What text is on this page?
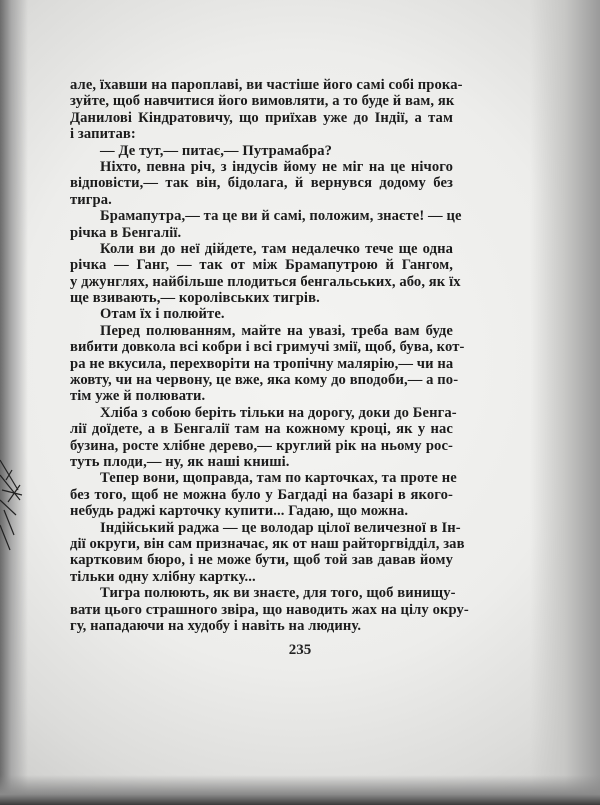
але, їхавши на пароплаві, ви частіше його самі собі прока-
зуйте, щоб навчитися його вимовляти, а то буде й вам, як
Даниловi Кіндратовичу, що приїхав уже до Індії, а там
і запитав:
— Де тут,— питає,— Путрамабра?
Ніхто, певна річ, з індусів йому не міг на це нічого
відповісти,— так він, бідолага, й вернувся додому без
тигра.
Брамапутра,— та це ви й самі, положим, знаєте! — це
річка в Бенгалії.
Коли ви до неї дійдете, там недалечко тече ще одна
річка — Ганг, — так от між Брамапутрою й Гангом,
у джунглях, найбільше плодиться бенгальських, або, як їх
ще взивають,— королівських тигрів.
Отам їх і полюйте.
Перед полюванням, майте на увазі, треба вам буде
вибити довкола всі кобри і всі гримучі змії, щоб, бува, кот-
ра не вкусила, перехворіти на тропічну малярію,— чи на
жовту, чи на червону, це вже, яка кому до вподоби,— а по-
тім уже й полювати.
Хліба з собою беріть тільки на дорогу, доки до Бенга-
лії доїдете, а в Бенгалії там на кожному кроці, як у нас
бузина, росте хлібне дерево,— круглий рік на ньому рос-
туть плоди,— ну, як наші книші.
Тепер вони, щоправда, там по карточках, та проте не
без того, щоб не можна було у Багдаді на базарі в якого-
небудь раджі карточку купити... Гадаю, що можна.
Індійський раджа — це володар цілої величезної в Ін-
дії округи, він сам призначає, як от наш райторгвідділ, зав
картковим бюро, і не може бути, щоб той зав давав йому
тільки одну хлібну картку...
Тигра полюють, як ви знаєте, для того, щоб винищу-
вати цього страшного звіра, що наводить жах на цілу окру-
гу, нападаючи на худобу і навіть на людину.
235
